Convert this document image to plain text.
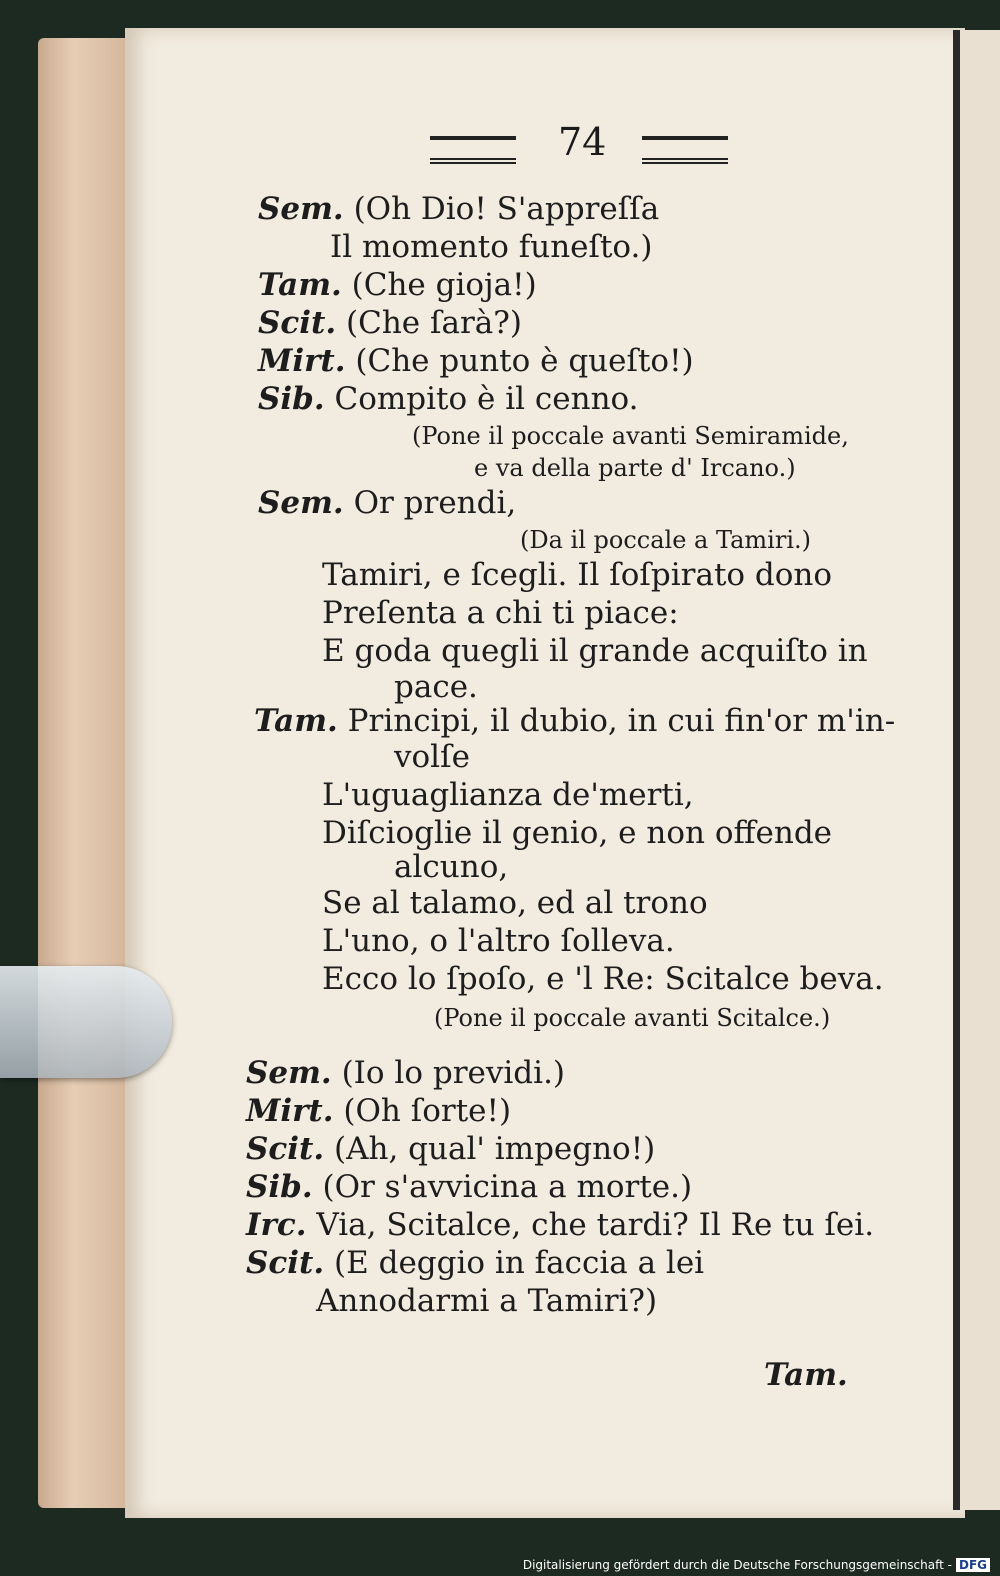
74
Sem. (Oh Dio! S'appreſſa
Il momento funeſto.)
Tam. (Che gioja!)
Scit. (Che ſarà?)
Mirt. (Che punto è queſto!)
Sib. Compito è il cenno.
(Pone il poccale avanti Semiramide,
e va della parte d' Ircano.)
Sem. Or prendi,
(Da il poccale a Tamiri.)
Tamiri, e ſcegli. Il ſoſpirato dono
Preſenta a chi ti piace:
E goda quegli il grande acquiſto in
pace.
Tam. Principi, il dubio, in cui fin'or m'in-
volſe
L'uguaglianza de'merti,
Diſcioglie il genio, e non offende
alcuno,
Se al talamo, ed al trono
L'uno, o l'altro ſolleva.
Ecco lo ſpoſo, e 'l Re: Scitalce beva.
(Pone il poccale avanti Scitalce.)
Sem. (Io lo previdi.)
Mirt. (Oh ſorte!)
Scit. (Ah, qual' impegno!)
Sib. (Or s'avvicina a morte.)
Irc. Via, Scitalce, che tardi? Il Re tu ſei.
Scit. (E deggio in faccia a lei
Annodarmi a Tamiri?)
Tam.
Digitalisierung gefördert durch die Deutsche Forschungsgemeinschaft - DFG
